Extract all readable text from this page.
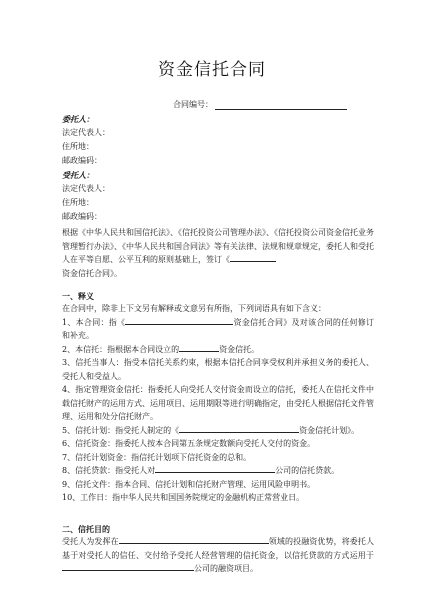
资金信托合同
合同编号：
委托人：
法定代表人：
住所地：
邮政编码：
受托人：
法定代表人：
住所地：
邮政编码：
根据《中华人民共和国信托法》、《信托投资公司管理办法》、《信托投资公司资金信托业务管理暂行办法》、《中华人民共和国合同法》等有关法律、法规和规章规定，委托人和受托人在平等自愿、公平互利的原则基础上，签订《
资金信托合同》。
一、释义
在合同中，除非上下文另有解释或文意另有所指，下列词语具有如下含义：
1、本合同：指《	资金信托合同》及对该合同的任何修订和补充。
2、本信托：指根据本合同设立的	资金信托。
3、信托当事人：指受本信托关系约束，根据本信托合同享受权利并承担义务的委托人、受托人和受益人。
4、指定管理资金信托：指委托人向受托人交付资金而设立的信托，委托人在信托文件中载信托财产的运用方式、运用项目、运用期限等进行明确指定，由受托人根据信托文件管理、运用和处分信托财产。
5、信托计划：指受托人制定的《	资金信托计划》。
6、信托资金：指委托人按本合同第五条规定数额向受托人交付的资金。
7、信托计划资金：指信托计划项下信托资金的总和。
8、信托贷款：指受托人对	公司的信托贷款。
9、信托文件：指本合同、信托计划和信托财产管理、运用风险申明书。
10、工作日：指中华人民共和国国务院规定的金融机构正常营业日。
二、信托目的
受托人为发挥在	领域的投融资优势，将委托人基于对受托人的信任、交付给予受托人经营管理的信托资金，以信托贷款的方式运用于公司的融资项目。
